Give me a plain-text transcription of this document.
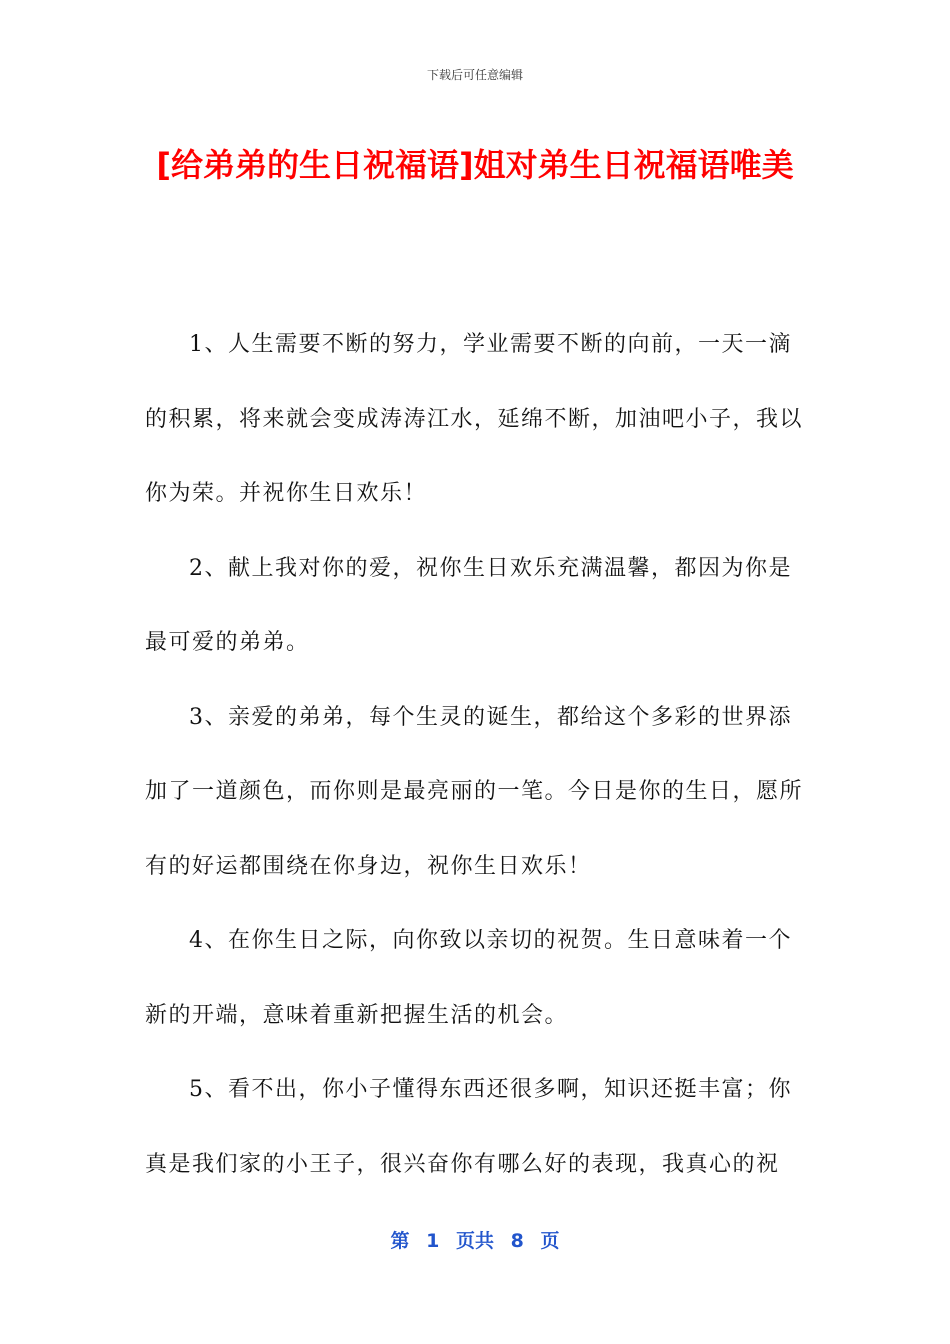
下载后可任意编辑
[给弟弟的生日祝福语]姐对弟生日祝福语唯美

1、人生需要不断的努力，学业需要不断的向前，一天一滴的积累，将来就会变成涛涛江水，延绵不断，加油吧小子，我以你为荣。并祝你生日欢乐！

2、献上我对你的爱，祝你生日欢乐充满温馨，都因为你是最可爱的弟弟。

3、亲爱的弟弟，每个生灵的诞生，都给这个多彩的世界添加了一道颜色，而你则是最亮丽的一笔。今日是你的生日，愿所有的好运都围绕在你身边，祝你生日欢乐！

4、在你生日之际，向你致以亲切的祝贺。生日意味着一个新的开端，意味着重新把握生活的机会。

5、看不出，你小子懂得东西还很多啊，知识还挺丰富；你真是我们家的小王子，很兴奋你有哪么好的表现，我真心的祝

第 1 页共 8 页
